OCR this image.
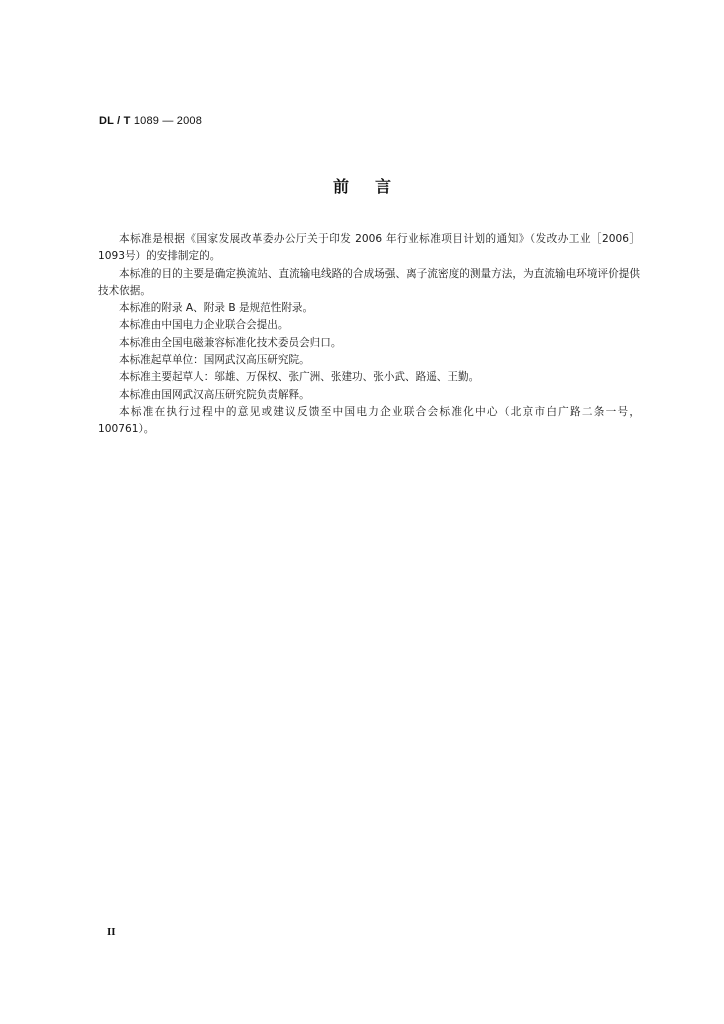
DL / T 1089 — 2008
前言

本标准是根据《国家发展改革委办公厅关于印发 2006 年行业标准项目计划的通知》（发改办工业［2006］1093号）的安排制定的。

本标准的目的主要是确定换流站、直流输电线路的合成场强、离子流密度的测量方法，为直流输电环境评价提供技术依据。

本标准的附录 A、附录 B 是规范性附录。

本标准由中国电力企业联合会提出。

本标准由全国电磁兼容标准化技术委员会归口。

本标准起草单位：国网武汉高压研究院。

本标准主要起草人：邬雄、万保权、张广洲、张建功、张小武、路遥、王勤。

本标准由国网武汉高压研究院负责解释。

本标准在执行过程中的意见或建议反馈至中国电力企业联合会标准化中心（北京市白广路二条一号，100761）。

II
